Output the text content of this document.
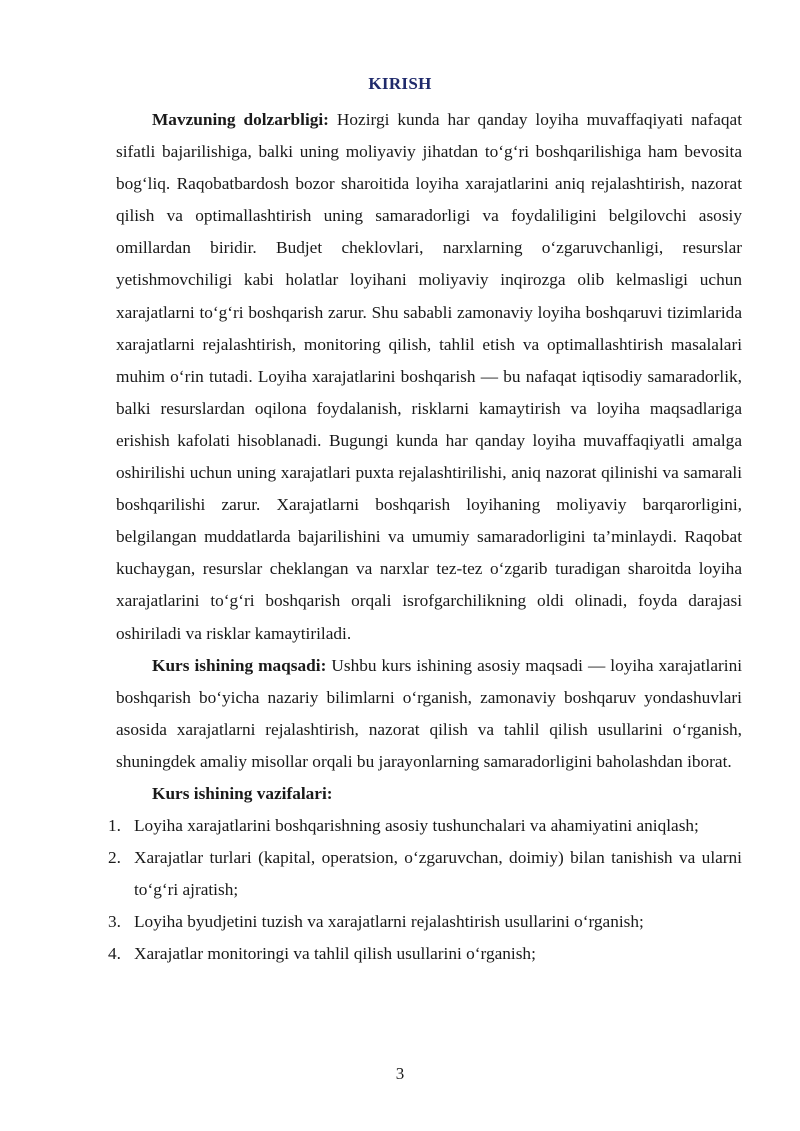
KIRISH

Mavzuning dolzarbligi: Hozirgi kunda har qanday loyiha muvaffaqiyati nafaqat sifatli bajarilishiga, balki uning moliyaviy jihatdan to‘g‘ri boshqarilishiga ham bevosita bog‘liq. Raqobatbardosh bozor sharoitida loyiha xarajatlarini aniq rejalashtirish, nazorat qilish va optimallashtirish uning samaradorligi va foydaliligini belgilovchi asosiy omillardan biridir. Budjet cheklovlari, narxlarning o‘zgaruvchanligi, resurslar yetishmovchiligi kabi holatlar loyihani moliyaviy inqirozga olib kelmasligi uchun xarajatlarni to‘g‘ri boshqarish zarur. Shu sababli zamonaviy loyiha boshqaruvi tizimlarida xarajatlarni rejalashtirish, monitoring qilish, tahlil etish va optimallashtirish masalalari muhim o‘rin tutadi. Loyiha xarajatlarini boshqarish — bu nafaqat iqtisodiy samaradorlik, balki resurslardan oqilona foydalanish, risklarni kamaytirish va loyiha maqsadlariga erishish kafolati hisoblanadi. Bugungi kunda har qanday loyiha muvaffaqiyatli amalga oshirilishi uchun uning xarajatlari puxta rejalashtirilishi, aniq nazorat qilinishi va samarali boshqarilishi zarur. Xarajatlarni boshqarish loyihaning moliyaviy barqarorligini, belgilangan muddatlarda bajarilishini va umumiy samaradorligini ta’minlaydi. Raqobat kuchaygan, resurslar cheklangan va narxlar tez-tez o‘zgarib turadigan sharoitda loyiha xarajatlarini to‘g‘ri boshqarish orqali isrofgarchilikning oldi olinadi, foyda darajasi oshiriladi va risklar kamaytiriladi.

Kurs ishining maqsadi: Ushbu kurs ishining asosiy maqsadi — loyiha xarajatlarini boshqarish bo‘yicha nazariy bilimlarni o‘rganish, zamonaviy boshqaruv yondashuvlari asosida xarajatlarni rejalashtirish, nazorat qilish va tahlil qilish usullarini o‘rganish, shuningdek amaliy misollar orqali bu jarayonlarning samaradorligini baholashdan iborat.

Kurs ishining vazifalari:

1. Loyiha xarajatlarini boshqarishning asosiy tushunchalari va ahamiyatini aniqlash;
2. Xarajatlar turlari (kapital, operatsion, o‘zgaruvchan, doimiy) bilan tanishish va ularni to‘g‘ri ajratish;
3. Loyiha byudjetini tuzish va xarajatlarni rejalashtirish usullarini o‘rganish;
4. Xarajatlar monitoringi va tahlil qilish usullarini o‘rganish;
3
